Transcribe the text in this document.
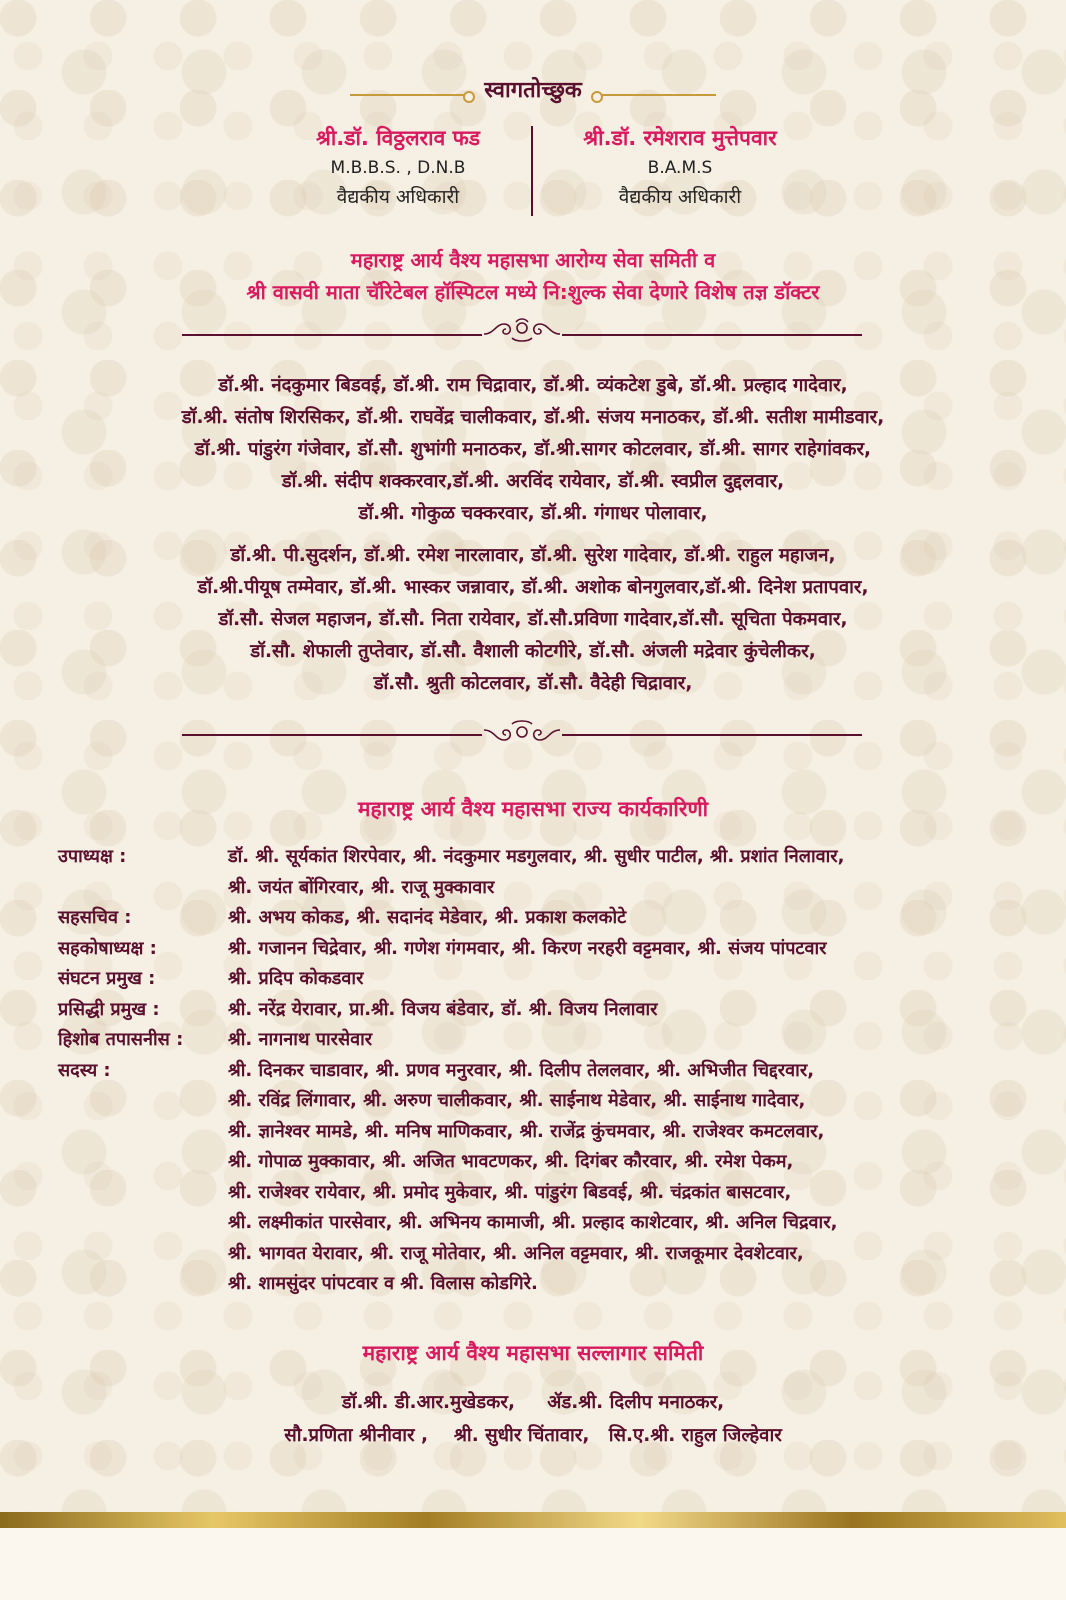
स्वागतोच्छुक
श्री.डॉ. विठ्ठलराव फड
M.B.B.S. , D.N.B
वैद्यकीय अधिकारी
श्री.डॉ. रमेशराव मुत्तेपवार
B.A.M.S
वैद्यकीय अधिकारी
महाराष्ट्र आर्य वैश्य महासभा आरोग्य सेवा समिती व
श्री वासवी माता चॅरिटेबल हॉस्पिटल मध्ये नि:शुल्क सेवा देणारे विशेष तज्ञ डॉक्टर
डॉ.श्री. नंदकुमार बिडवई, डॉ.श्री. राम चिद्रावार, डॉ.श्री. व्यंकटेश डुबे, डॉ.श्री. प्रल्हाद गादेवार,
डॉ.श्री. संतोष शिरसिकर, डॉ.श्री. राघवेंद्र चालीकवार, डॉ.श्री. संजय मनाठकर, डॉ.श्री. सतीश मामीडवार,
डॉ.श्री. पांडुरंग गंजेवार, डॉ.सौ. शुभांगी मनाठकर, डॉ.श्री.सागर कोटलवार, डॉ.श्री. सागर राहेगांवकर,
डॉ.श्री. संदीप शक्करवार,डॉ.श्री. अरविंद रायेवार, डॉ.श्री. स्वप्रील दुद्दलवार,
डॉ.श्री. गोकुळ चक्करवार, डॉ.श्री. गंगाधर पोलावार,
डॉ.श्री. पी.सुदर्शन, डॉ.श्री. रमेश नारलावार, डॉ.श्री. सुरेश गादेवार, डॉ.श्री. राहुल महाजन,
डॉ.श्री.पीयूष तम्मेवार, डॉ.श्री. भास्कर जन्नावार, डॉ.श्री. अशोक बोनगुलवार,डॉ.श्री. दिनेश प्रतापवार,
डॉ.सौ. सेजल महाजन, डॉ.सौ. निता रायेवार, डॉ.सौ.प्रविणा गादेवार,डॉ.सौ. सूचिता पेकमवार,
डॉ.सौ. शेफाली तुप्तेवार, डॉ.सौ. वैशाली कोटगीरे, डॉ.सौ. अंजली मद्रेवार कुंचेलीकर,
डॉ.सौ. श्रुती कोटलवार, डॉ.सौ. वैदेही चिद्रावार,
महाराष्ट्र आर्य वैश्य महासभा राज्य कार्यकारिणी
उपाध्यक्ष :	डॉ. श्री. सूर्यकांत शिरपेवार, श्री. नंदकुमार मडगुलवार, श्री. सुधीर पाटील, श्री. प्रशांत निलावार,
श्री. जयंत बोंगिरवार, श्री. राजू मुक्कावार
सहसचिव :	श्री. अभय कोकड, श्री. सदानंद मेडेवार, श्री. प्रकाश कलकोटे
सहकोषाध्यक्ष :	श्री. गजानन चिद्रेवार, श्री. गणेश गंगमवार, श्री. किरण नरहरी वट्टमवार, श्री. संजय पांपटवार
संघटन प्रमुख :	श्री. प्रदिप कोकडवार
प्रसिद्धी प्रमुख :	श्री. नरेंद्र येरावार, प्रा.श्री. विजय बंडेवार, डॉ. श्री. विजय निलावार
हिशोब तपासनीस :	श्री. नागनाथ पारसेवार
सदस्य :	श्री. दिनकर चाडावार, श्री. प्रणव मनुरवार, श्री. दिलीप तेललवार, श्री. अभिजीत चिद्दरवार,
श्री. रविंद्र लिंगावार, श्री. अरुण चालीकवार, श्री. साईनाथ मेडेवार, श्री. साईनाथ गादेवार,
श्री. ज्ञानेश्वर मामडे, श्री. मनिष माणिकवार, श्री. राजेंद्र कुंचमवार, श्री. राजेश्वर कमटलवार,
श्री. गोपाळ मुक्कावार, श्री. अजित भावटणकर, श्री. दिगंबर कौरवार, श्री. रमेश पेकम,
श्री. राजेश्वर रायेवार, श्री. प्रमोद मुकेवार, श्री. पांडुरंग बिडवई, श्री. चंद्रकांत बासटवार,
श्री. लक्ष्मीकांत पारसेवार, श्री. अभिनय कामाजी, श्री. प्रल्हाद काशेटवार, श्री. अनिल चिद्रवार,
श्री. भागवत येरावार, श्री. राजू मोतेवार, श्री. अनिल वट्टमवार, श्री. राजकूमार देवशेटवार,
श्री. शामसुंदर पांपटवार व श्री. विलास कोडगिरे.
महाराष्ट्र आर्य वैश्य महासभा सल्लागार समिती
डॉ.श्री. डी.आर.मुखेडकर, ॲड.श्री. दिलीप मनाठकर,
सौ.प्रणिता श्रीनीवार , श्री. सुधीर चिंतावार, सि.ए.श्री. राहुल जिल्हेवार
